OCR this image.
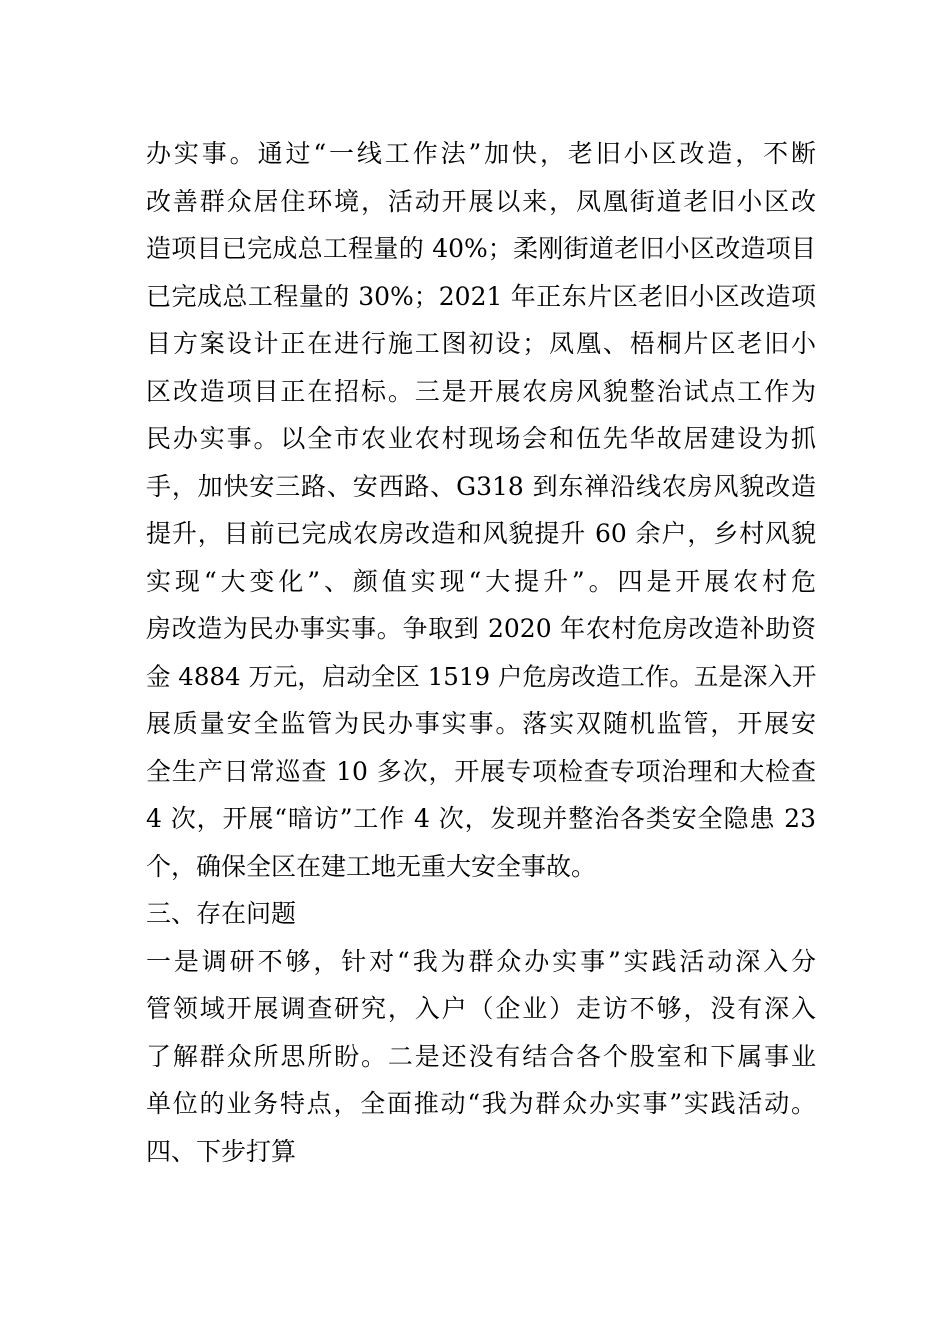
办实事。通过“一线工作法”加快，老旧小区改造，不断
改善群众居住环境，活动开展以来，凤凰街道老旧小区改
造项目已完成总工程量的 40%；柔刚街道老旧小区改造项目
已完成总工程量的 30%；2021 年正东片区老旧小区改造项
目方案设计正在进行施工图初设；凤凰、梧桐片区老旧小
区改造项目正在招标。三是开展农房风貌整治试点工作为
民办实事。以全市农业农村现场会和伍先华故居建设为抓
手，加快安三路、安西路、G318 到东禅沿线农房风貌改造
提升，目前已完成农房改造和风貌提升 60 余户，乡村风貌
实现“大变化”、颜值实现“大提升”。四是开展农村危
房改造为民办事实事。争取到 2020 年农村危房改造补助资
金 4884 万元，启动全区 1519 户危房改造工作。五是深入开
展质量安全监管为民办事实事。落实双随机监管，开展安
全生产日常巡查 10 多次，开展专项检查专项治理和大检查
4 次，开展“暗访”工作 4 次，发现并整治各类安全隐患 23
个，确保全区在建工地无重大安全事故。
三、存在问题
一是调研不够，针对“我为群众办实事”实践活动深入分
管领域开展调查研究，入户（企业）走访不够，没有深入
了解群众所思所盼。二是还没有结合各个股室和下属事业
单位的业务特点，全面推动“我为群众办实事”实践活动。
四、下步打算
